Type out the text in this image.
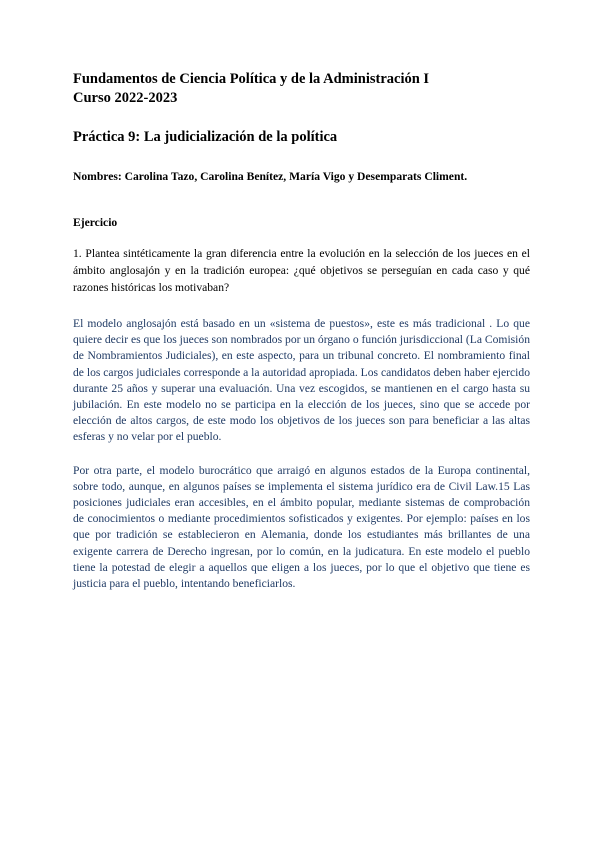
Fundamentos de Ciencia Política y de la Administración I

Curso 2022-2023

Práctica 9: La judicialización de la política

Nombres: Carolina Tazo, Carolina Benítez, María Vigo y Desemparats Climent.

Ejercicio

1. Plantea sintéticamente la gran diferencia entre la evolución en la selección de los jueces en el ámbito anglosajón y en la tradición europea: ¿qué objetivos se perseguían en cada caso y qué razones históricas los motivaban?

El modelo anglosajón está basado en un «sistema de puestos», este es más tradicional . Lo que quiere decir es que los jueces son nombrados por un órgano o función jurisdiccional (La Comisión de Nombramientos Judiciales), en este aspecto, para un tribunal concreto. El nombramiento final de los cargos judiciales corresponde a la autoridad apropiada. Los candidatos deben haber ejercido durante 25 años y superar una evaluación. Una vez escogidos, se mantienen en el cargo hasta su jubilación. En este modelo no se participa en la elección de los jueces, sino que se accede por elección de altos cargos, de este modo los objetivos de los jueces son para beneficiar a las altas esferas y no velar por el pueblo.

Por otra parte, el modelo burocrático que arraigó en algunos estados de la Europa continental, sobre todo, aunque, en algunos países se implementa el sistema jurídico era de Civil Law.15 Las posiciones judiciales eran accesibles, en el ámbito popular, mediante sistemas de comprobación de conocimientos o mediante procedimientos sofisticados y exigentes. Por ejemplo: países en los que por tradición se establecieron en Alemania, donde los estudiantes más brillantes de una exigente carrera de Derecho ingresan, por lo común, en la judicatura. En este modelo el pueblo tiene la potestad de elegir a aquellos que eligen a los jueces, por lo que el objetivo que tiene es justicia para el pueblo, intentando beneficiarlos.
